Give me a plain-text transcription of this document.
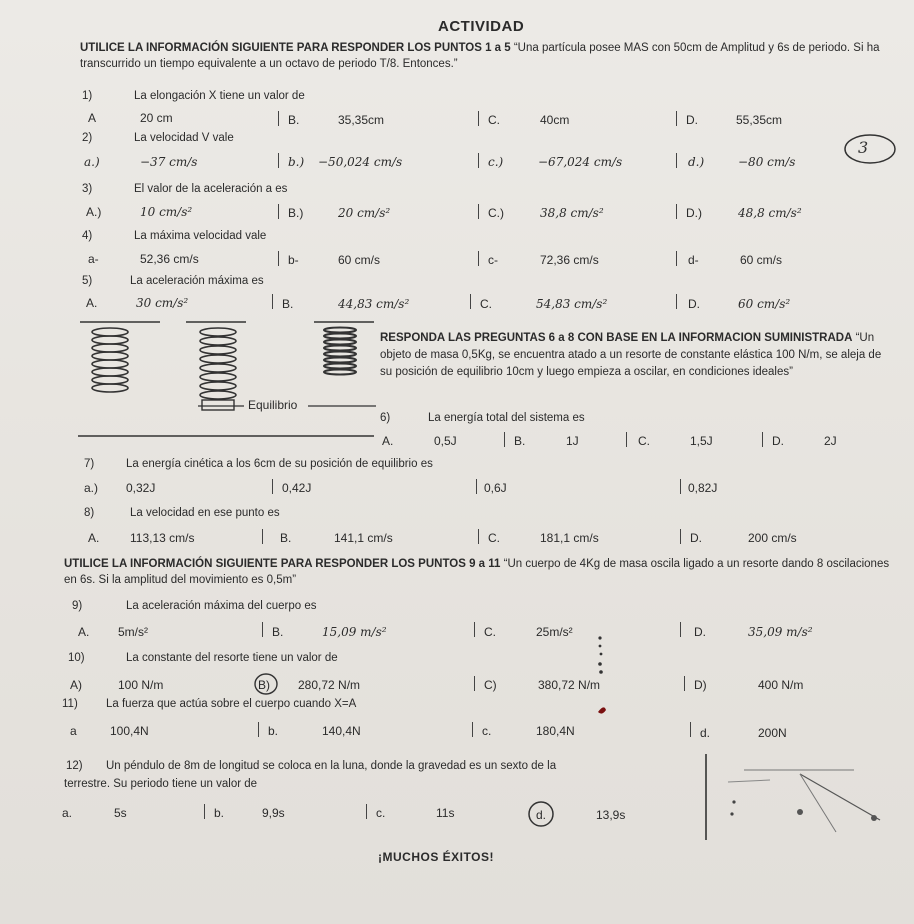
ACTIVIDAD
UTILICE LA INFORMACIÓN SIGUIENTE PARA RESPONDER LOS PUNTOS 1 a 5 “Una partícula posee MAS con 50cm de Amplitud y 6s de periodo. Si ha transcurrido un tiempo equivalente a un octavo de periodo T/8. Entonces.”
1)	La elongación X tiene un valor de
A	20 cm	B.	35,35cm	C.	40cm	D.	55,35cm
2)	La velocidad V vale
a.)	−37 cm/s	b.) −50,024 cm/s	c.)	−67,024 cm/s	d.)	−80 cm/s
3
3)	El valor de la aceleración a es
A.)	10 cm/s²	B.)	20 cm/s²	C.)	38,8 cm/s²	D.)	48,8 cm/s²
4)	La máxima velocidad vale
a-	52,36 cm/s	b-	60 cm/s	c-	72,36 cm/s	d-	60 cm/s
5)	La aceleración máxima es
A.	30 cm/s²	B.	44,83 cm/s²	C.	54,83 cm/s²	D.	60 cm/s²
Equilibrio
RESPONDA LAS PREGUNTAS 6 a 8 CON BASE EN LA INFORMACION SUMINISTRADA “Un objeto de masa 0,5Kg, se encuentra atado a un resorte de constante elástica 100 N/m, se aleja de su posición de equilibrio 10cm y luego empieza a oscilar, en condiciones ideales”
6)	La energía total del sistema es
A.	0,5J	B.	1J	C.	1,5J	D.	2J
7)	La energía cinética a los 6cm de su posición de equilibrio es
a.) 0,32J	0,42J	0,6J	0,82J
8)	La velocidad en ese punto es
A.	113,13 cm/s	B.	141,1 cm/s	C.	181,1 cm/s	D.	200 cm/s
UTILICE LA INFORMACIÓN SIGUIENTE PARA RESPONDER LOS PUNTOS 9 a 11 “Un cuerpo de 4Kg de masa oscila ligado a un resorte dando 8 oscilaciones en 6s. Si la amplitud del movimiento es 0,5m”
9)	La aceleración máxima del cuerpo es
A. 5m/s²	B.	15,09 m/s²	C.	25m/s²	D.	35,09 m/s²
10)	La constante del resorte tiene un valor de
A)	100 N/m	B) 280,72 N/m	C)	380,72 N/m	D)	400 N/m
11) La fuerza que actúa sobre el cuerpo cuando X=A
a	100,4N	b.	140,4N	c.	180,4N	d.	200N
12) Un péndulo de 8m de longitud se coloca en la luna, donde la gravedad es un sexto de la
terrestre. Su periodo tiene un valor de
a.	5s	b.	9,9s	c.	11s	d.	13,9s
¡MUCHOS ÉXITOS!
